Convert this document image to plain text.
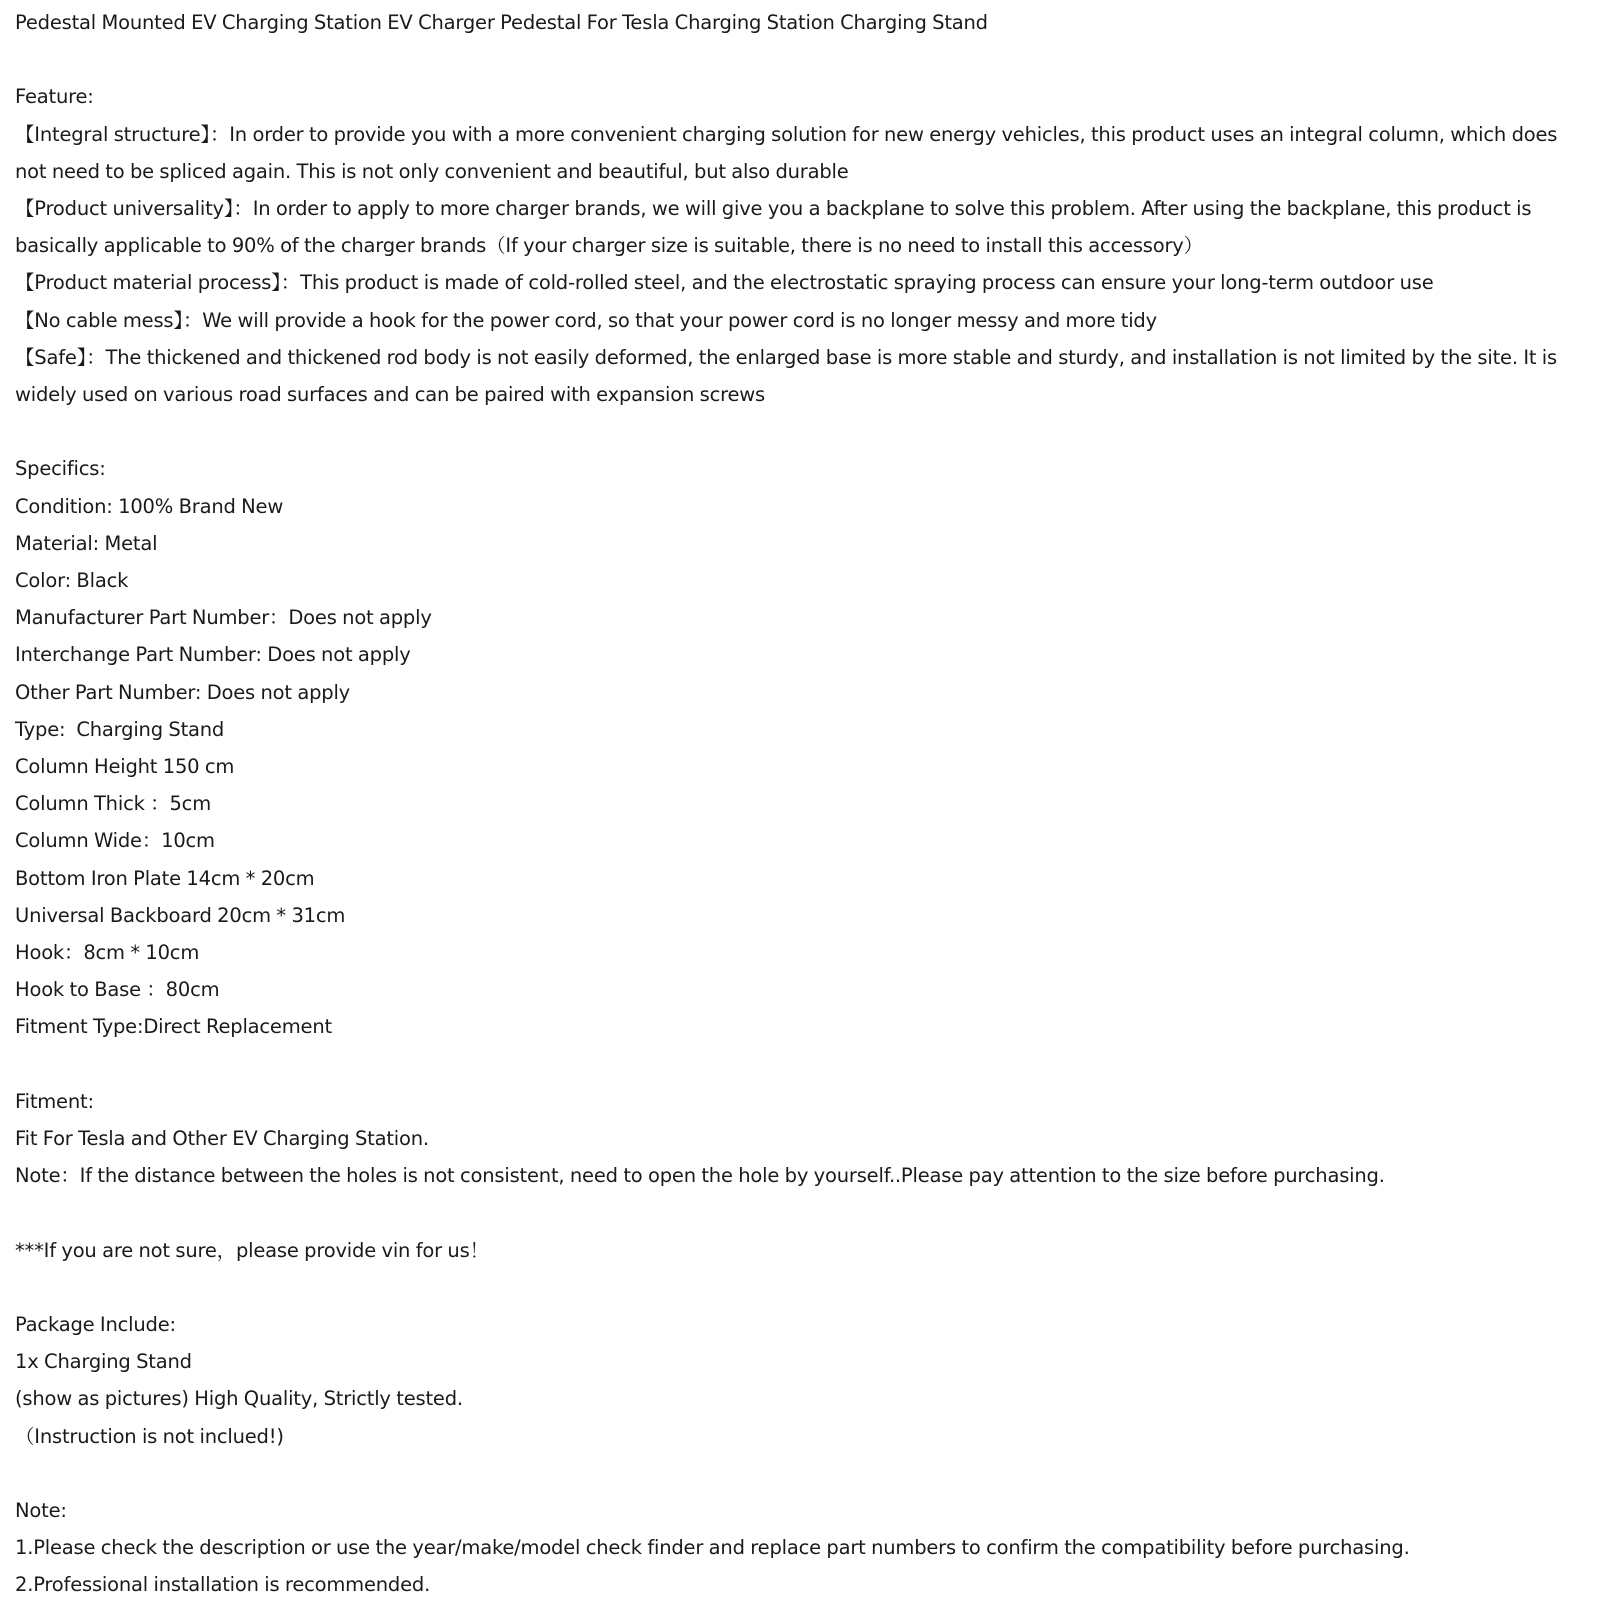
Pedestal Mounted EV Charging Station EV Charger Pedestal For Tesla Charging Station Charging Stand
Feature:
【Integral structure】：In order to provide you with a more convenient charging solution for new energy vehicles, this product uses an integral column, which does not need to be spliced again. This is not only convenient and beautiful, but also durable
【Product universality】：In order to apply to more charger brands, we will give you a backplane to solve this problem. After using the backplane, this product is basically applicable to 90% of the charger brands（If your charger size is suitable, there is no need to install this accessory）
【Product material process】：This product is made of cold-rolled steel, and the electrostatic spraying process can ensure your long-term outdoor use
【No cable mess】：We will provide a hook for the power cord, so that your power cord is no longer messy and more tidy
【Safe】：The thickened and thickened rod body is not easily deformed, the enlarged base is more stable and sturdy, and installation is not limited by the site. It is widely used on various road surfaces and can be paired with expansion screws
Specifics:
Condition: 100% Brand New
Material: Metal
Color: Black
Manufacturer Part Number：Does not apply
Interchange Part Number: Does not apply
Other Part Number: Does not apply
Type:  Charging Stand
Column Height 150 cm
Column Thick ：5cm
Column Wide：10cm
Bottom Iron Plate 14cm * 20cm
Universal Backboard 20cm * 31cm
Hook：8cm * 10cm
Hook to Base ：80cm
Fitment Type:Direct Replacement
Fitment:
Fit For Tesla and Other EV Charging Station.
Note：If the distance between the holes is not consistent, need to open the hole by yourself..Please pay attention to the size before purchasing.
***If you are not sure，please provide vin for us！
Package Include:
1x Charging Stand
(show as pictures) High Quality, Strictly tested.
（Instruction is not inclued!)
Note:
1.Please check the description or use the year/make/model check finder and replace part numbers to confirm the compatibility before purchasing.
2.Professional installation is recommended.
